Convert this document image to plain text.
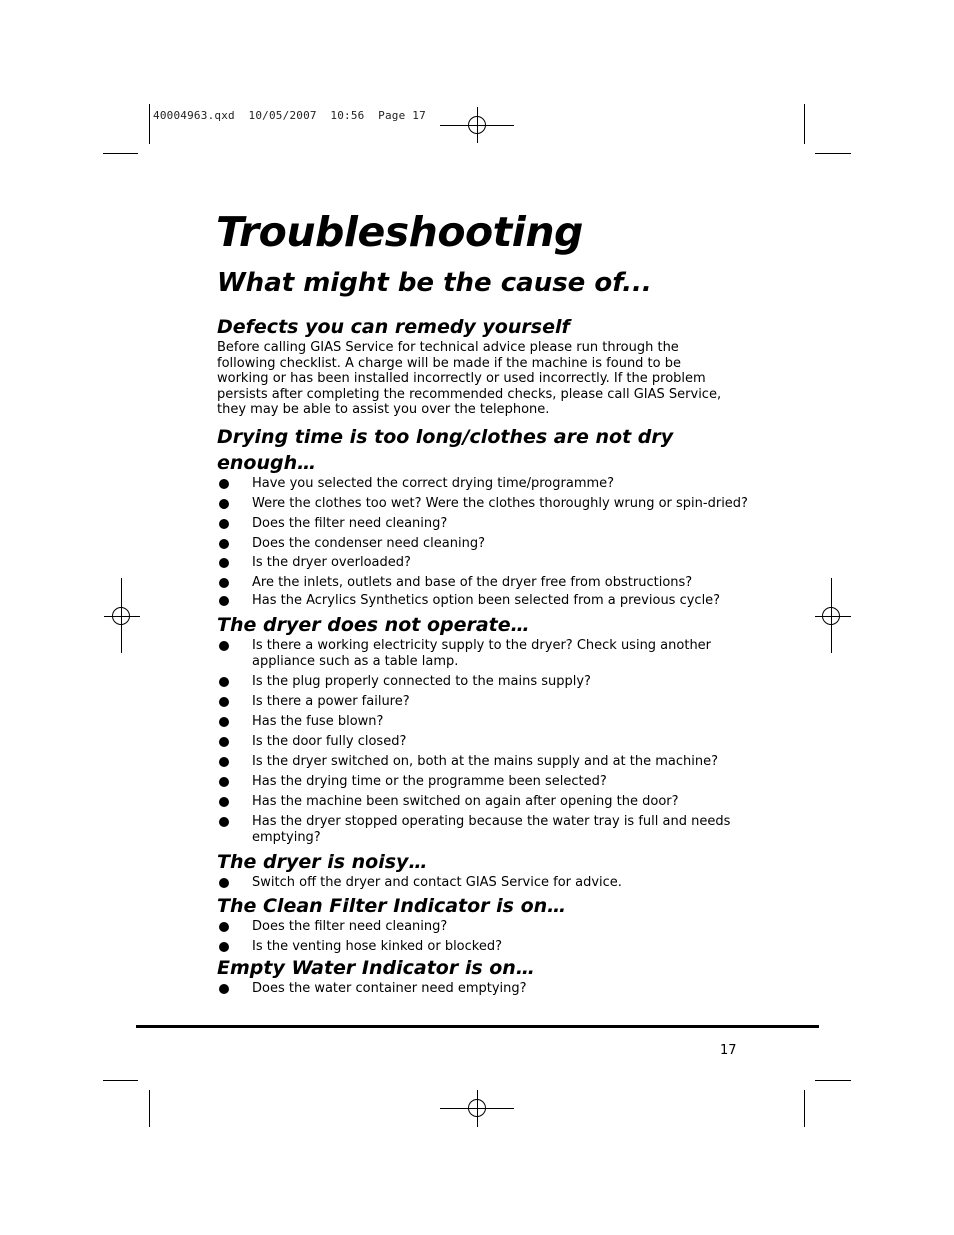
40004963.qxd  10/05/2007  10:56  Page 17
Troubleshooting
What might be the cause of...
Defects you can remedy yourself

Before calling GIAS Service for technical advice please run through the following checklist. A charge will be made if the machine is found to be working or has been installed incorrectly or used incorrectly. If the problem persists after completing the recommended checks, please call GIAS Service, they may be able to assist you over the telephone.

Drying time is too long/clothes are not dry enough…
Have you selected the correct drying time/programme?
Were the clothes too wet? Were the clothes thoroughly wrung or spin-dried?
Does the filter need cleaning?
Does the condenser need cleaning?
Is the dryer overloaded?
Are the inlets, outlets and base of the dryer free from obstructions?
Has the Acrylics Synthetics option been selected from a previous cycle?
The dryer does not operate…
Is there a working electricity supply to the dryer? Check using another appliance such as a table lamp.
Is the plug properly connected to the mains supply?
Is there a power failure?
Has the fuse blown?
Is the door fully closed?
Is the dryer switched on, both at the mains supply and at the machine?
Has the drying time or the programme been selected?
Has the machine been switched on again after opening the door?
Has the dryer stopped operating because the water tray is full and needs emptying?
The dryer is noisy…
Switch off the dryer and contact GIAS Service for advice.
The Clean Filter Indicator is on…
Does the filter need cleaning?
Is the venting hose kinked or blocked?
Empty Water Indicator is on…
Does the water container need emptying?
17
